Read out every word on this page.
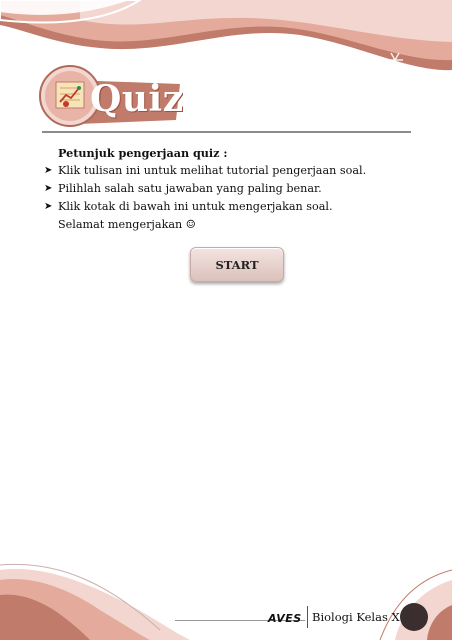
Quiz
Petunjuk pengerjaan quiz :
➤ Klik tulisan ini untuk melihat tutorial pengerjaan soal.
➤ Pilihlah salah satu jawaban yang paling benar.
➤ Klik kotak di bawah ini untuk mengerjakan soal.
Selamat mengerjakan ☺
START
AVES Biologi Kelas X
